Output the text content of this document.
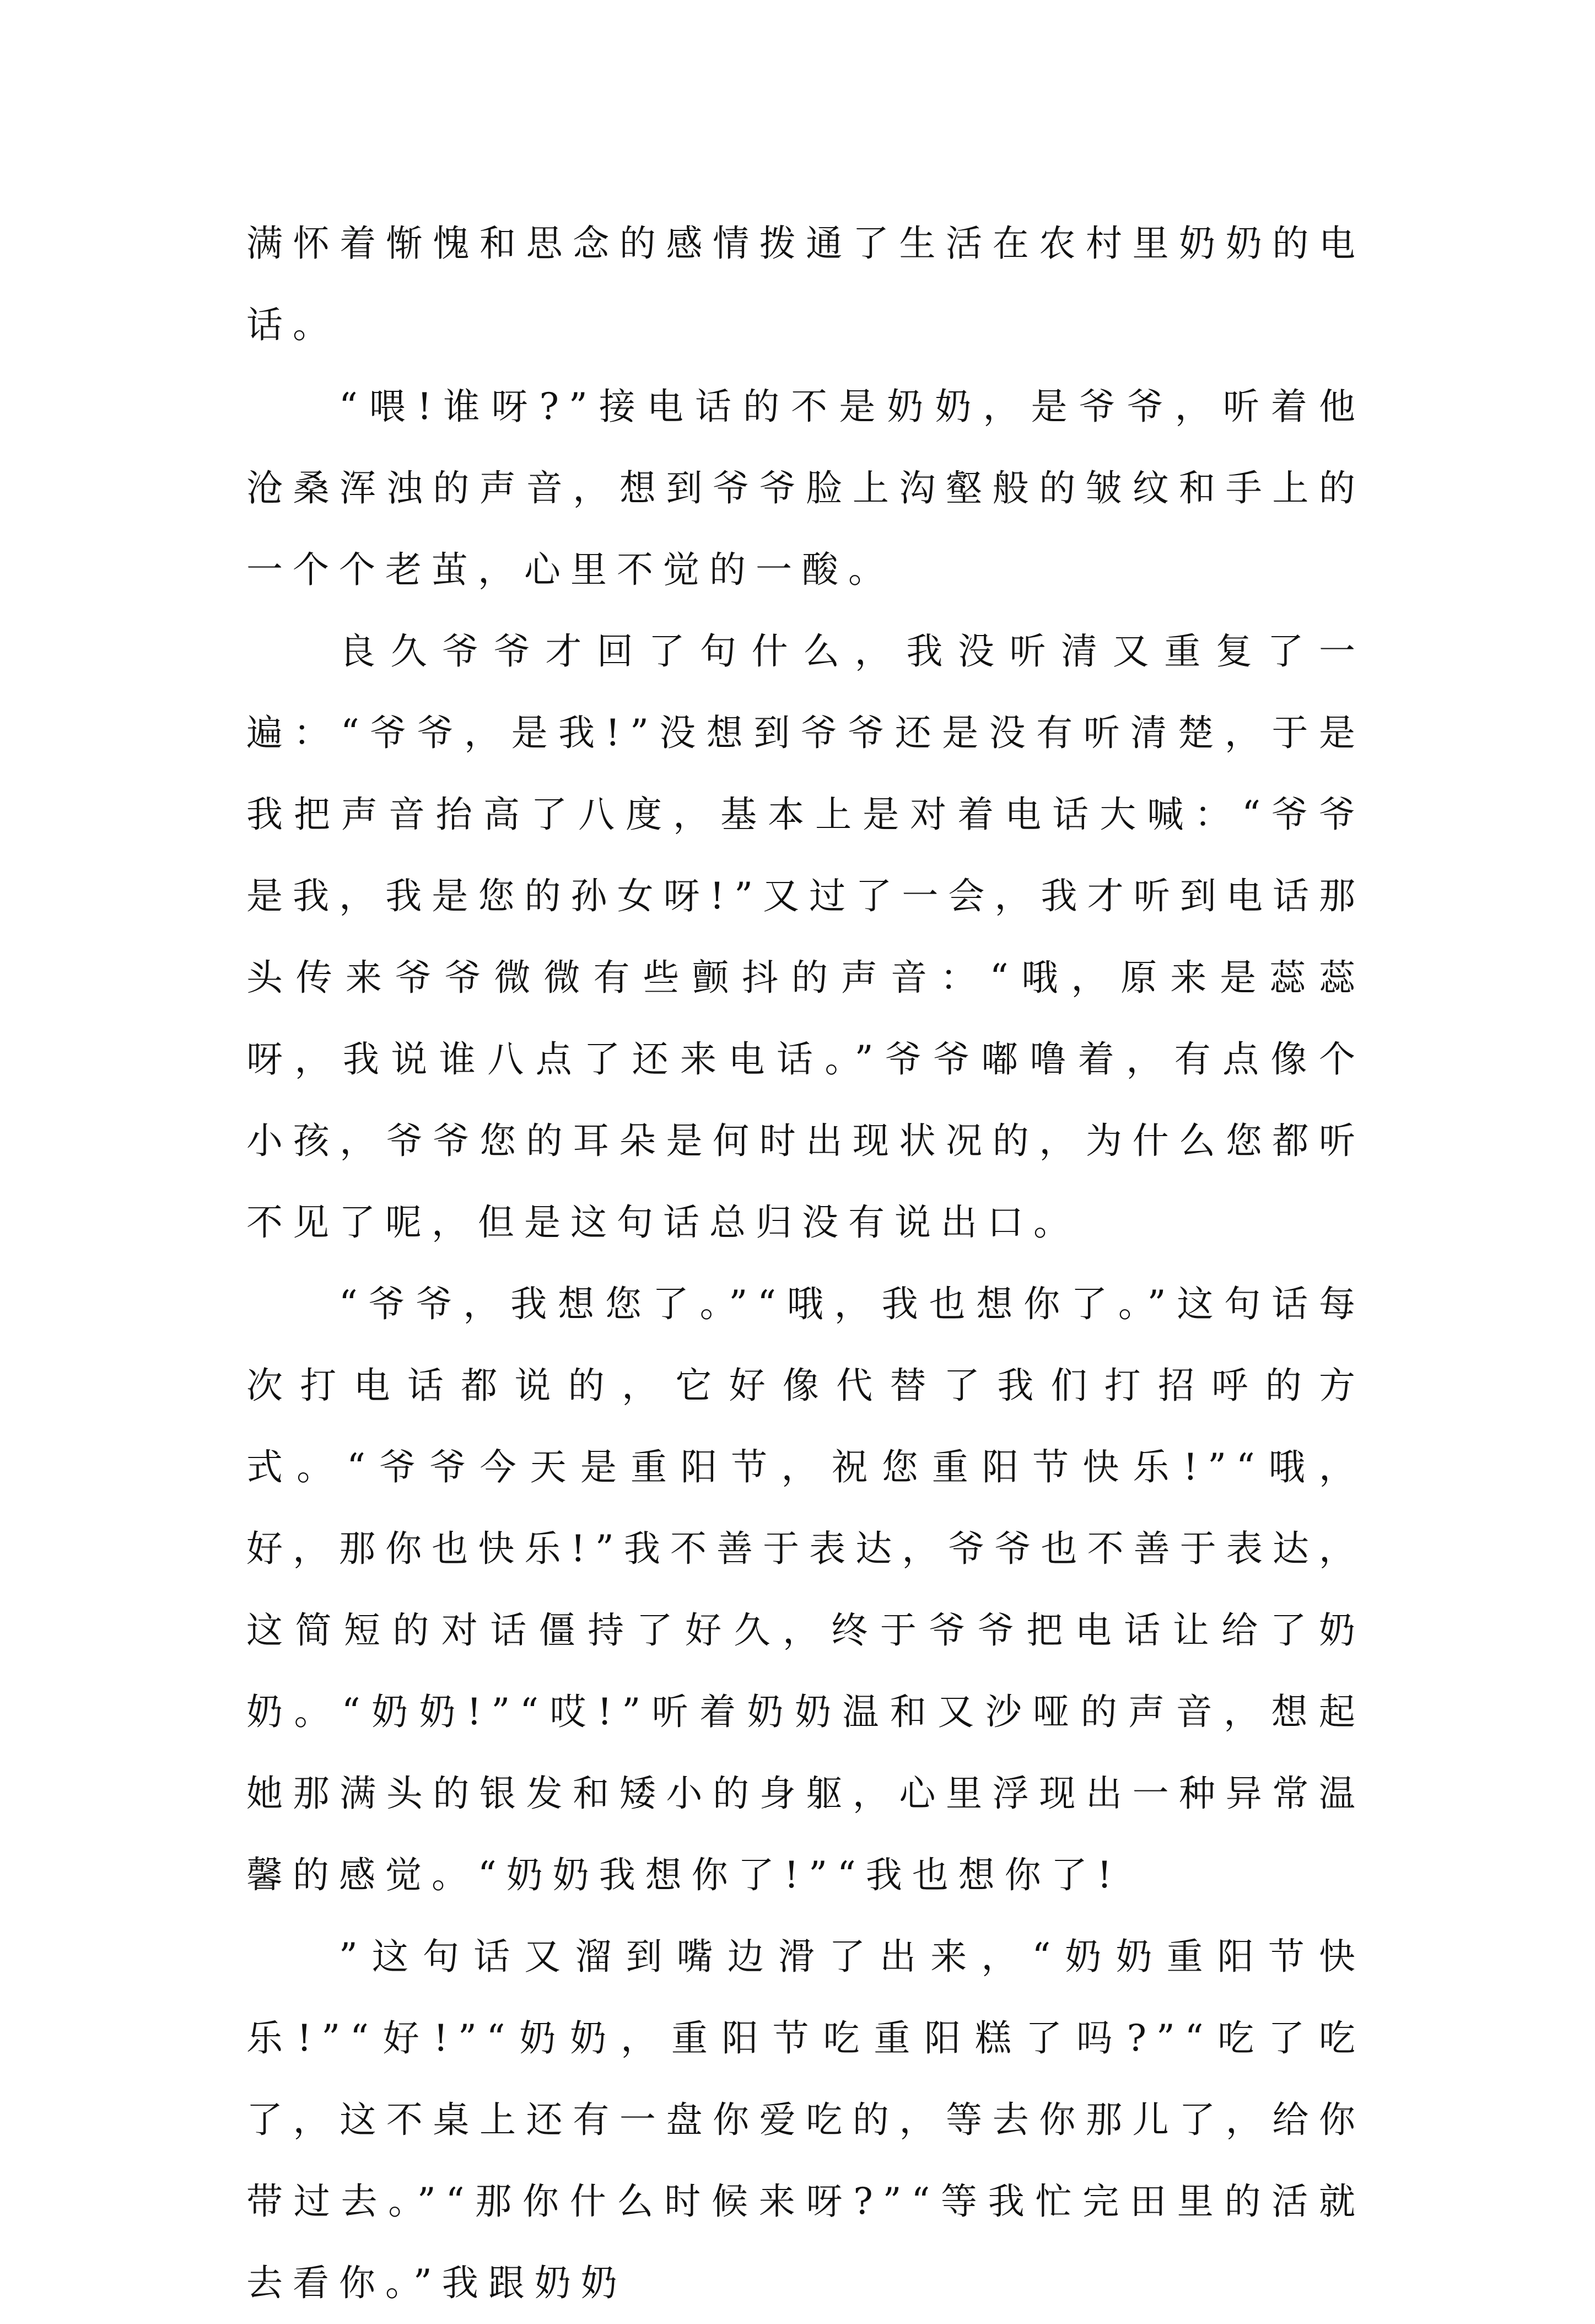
满怀着惭愧和思念的感情拨通了生活在农村里奶奶的电话。

“喂!谁呀?”接电话的不是奶奶，是爷爷，听着他沧桑浑浊的声音，想到爷爷脸上沟壑般的皱纹和手上的一个个老茧，心里不觉的一酸。

良久爷爷才回了句什么，我没听清又重复了一遍：“爷爷，是我!”没想到爷爷还是没有听清楚，于是我把声音抬高了八度，基本上是对着电话大喊：“爷爷是我，我是您的孙女呀!”又过了一会，我才听到电话那头传来爷爷微微有些颤抖的声音：“哦，原来是蕊蕊呀，我说谁八点了还来电话。”爷爷嘟噜着，有点像个小孩，爷爷您的耳朵是何时出现状况的，为什么您都听不见了呢，但是这句话总归没有说出口。

“爷爷，我想您了。”“哦，我也想你了。”这句话每次打电话都说的，它好像代替了我们打招呼的方式。“爷爷今天是重阳节，祝您重阳节快乐!”“哦，好，那你也快乐!”我不善于表达，爷爷也不善于表达，这简短的对话僵持了好久，终于爷爷把电话让给了奶奶。“奶奶!”“哎!”听着奶奶温和又沙哑的声音，想起她那满头的银发和矮小的身躯，心里浮现出一种异常温馨的感觉。“奶奶我想你了!”“我也想你了!

”这句话又溜到嘴边滑了出来，“奶奶重阳节快乐!”“好!”“奶奶，重阳节吃重阳糕了吗?”“吃了吃了，这不桌上还有一盘你爱吃的，等去你那儿了，给你带过去。”“那你什么时候来呀?”“等我忙完田里的活就去看你。”我跟奶奶
